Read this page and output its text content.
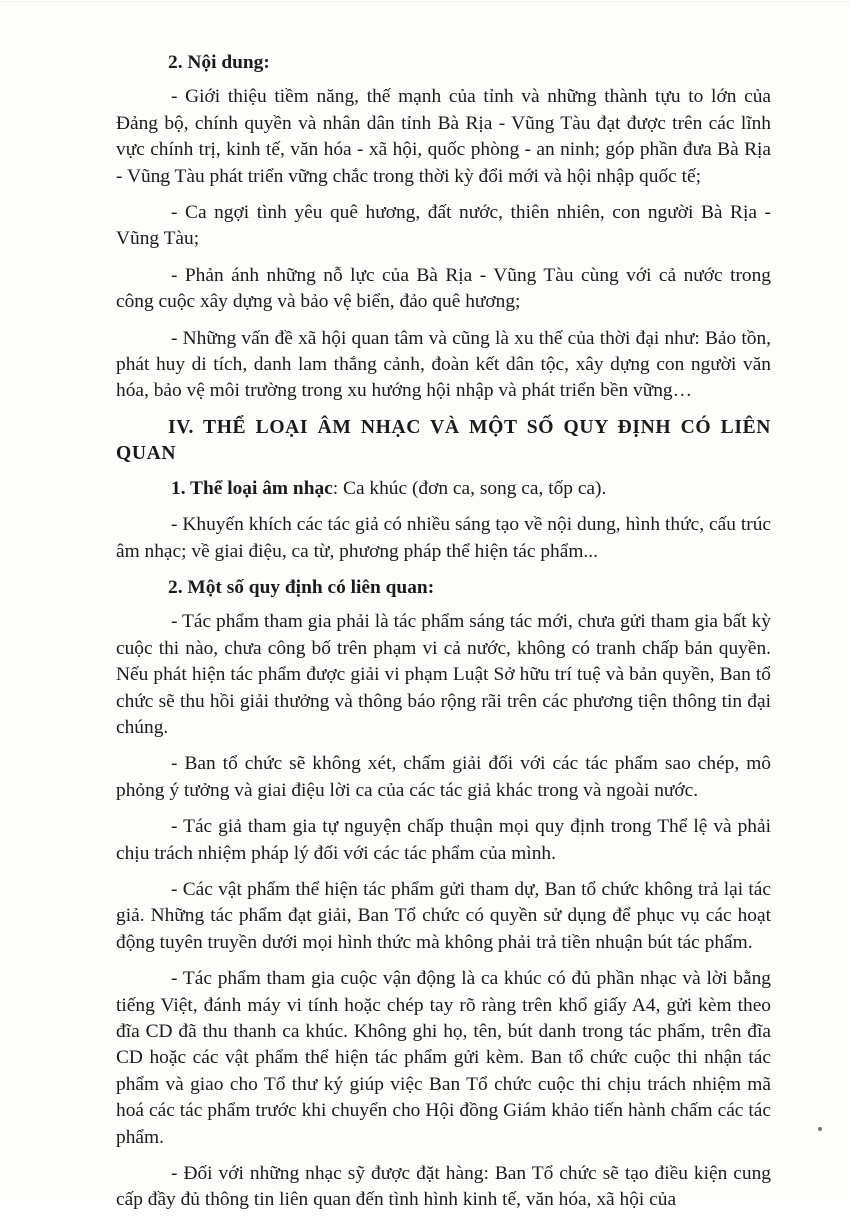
2. Nội dung:

- Giới thiệu tiềm năng, thế mạnh của tỉnh và những thành tựu to lớn của Đảng bộ, chính quyền và nhân dân tỉnh Bà Rịa - Vũng Tàu đạt được trên các lĩnh vực chính trị, kinh tế, văn hóa - xã hội, quốc phòng - an ninh; góp phần đưa Bà Rịa - Vũng Tàu phát triển vững chắc trong thời kỳ đổi mới và hội nhập quốc tế;

- Ca ngợi tình yêu quê hương, đất nước, thiên nhiên, con người Bà Rịa - Vũng Tàu;

- Phản ánh những nỗ lực của Bà Rịa - Vũng Tàu cùng với cả nước trong công cuộc xây dựng và bảo vệ biển, đảo quê hương;

- Những vấn đề xã hội quan tâm và cũng là xu thế của thời đại như: Bảo tồn, phát huy di tích, danh lam thắng cảnh, đoàn kết dân tộc, xây dựng con người văn hóa, bảo vệ môi trường trong xu hướng hội nhập và phát triển bền vững…

IV. THỂ LOẠI ÂM NHẠC VÀ MỘT SỐ QUY ĐỊNH CÓ LIÊN QUAN

1. Thể loại âm nhạc: Ca khúc (đơn ca, song ca, tốp ca).

- Khuyến khích các tác giả có nhiều sáng tạo về nội dung, hình thức, cấu trúc âm nhạc; về giai điệu, ca từ, phương pháp thể hiện tác phẩm...

2. Một số quy định có liên quan:

- Tác phẩm tham gia phải là tác phẩm sáng tác mới, chưa gửi tham gia bất kỳ cuộc thi nào, chưa công bố trên phạm vi cả nước, không có tranh chấp bản quyền. Nếu phát hiện tác phẩm được giải vi phạm Luật Sở hữu trí tuệ và bản quyền, Ban tổ chức sẽ thu hồi giải thưởng và thông báo rộng rãi trên các phương tiện thông tin đại chúng.

- Ban tổ chức sẽ không xét, chấm giải đối với các tác phẩm sao chép, mô phỏng ý tưởng và giai điệu lời ca của các tác giả khác trong và ngoài nước.

- Tác giả tham gia tự nguyện chấp thuận mọi quy định trong Thể lệ và phải chịu trách nhiệm pháp lý đối với các tác phẩm của mình.

- Các vật phẩm thể hiện tác phẩm gửi tham dự, Ban tổ chức không trả lại tác giả. Những tác phẩm đạt giải, Ban Tổ chức có quyền sử dụng để phục vụ các hoạt động tuyên truyền dưới mọi hình thức mà không phải trả tiền nhuận bút tác phẩm.

- Tác phẩm tham gia cuộc vận động là ca khúc có đủ phần nhạc và lời bằng tiếng Việt, đánh máy vi tính hoặc chép tay rõ ràng trên khổ giấy A4, gửi kèm theo đĩa CD đã thu thanh ca khúc. Không ghi họ, tên, bút danh trong tác phẩm, trên đĩa CD hoặc các vật phẩm thể hiện tác phẩm gửi kèm. Ban tổ chức cuộc thi nhận tác phẩm và giao cho Tổ thư ký giúp việc Ban Tổ chức cuộc thi chịu trách nhiệm mã hoá các tác phẩm trước khi chuyển cho Hội đồng Giám khảo tiến hành chấm các tác phẩm.

- Đối với những nhạc sỹ được đặt hàng: Ban Tổ chức sẽ tạo điều kiện cung cấp đầy đủ thông tin liên quan đến tình hình kinh tế, văn hóa, xã hội của
